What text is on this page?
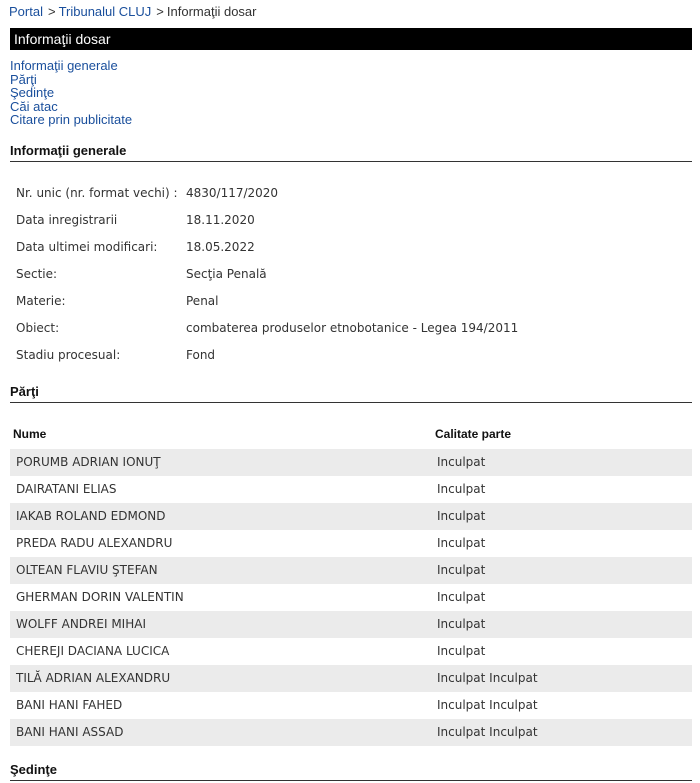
Portal > Tribunalul CLUJ > Informaţii dosar
Informaţii dosar
Informaţii generale
Părţi
Şedinţe
Căi atac
Citare prin publicitate
Informaţii generale
Nr. unic (nr. format vechi) : 4830/117/2020
Data inregistrarii	18.11.2020
Data ultimei modificari: 18.05.2022
Sectie:	Secţia Penală
Materie:	Penal
Obiect:	combaterea produselor etnobotanice - Legea 194/2011
Stadiu procesual:	Fond
Părţi
Nume	Calitate parte
PORUMB ADRIAN IONUŢ	Inculpat
DAIRATANI ELIAS	Inculpat
IAKAB ROLAND EDMOND	Inculpat
PREDA RADU ALEXANDRU	Inculpat
OLTEAN FLAVIU ŞTEFAN	Inculpat
GHERMAN DORIN VALENTIN	Inculpat
WOLFF ANDREI MIHAI	Inculpat
CHEREJI DACIANA LUCICA	Inculpat
TILĂ ADRIAN ALEXANDRU	Inculpat Inculpat
BANI HANI FAHED	Inculpat Inculpat
BANI HANI ASSAD	Inculpat Inculpat
Şedinţe
